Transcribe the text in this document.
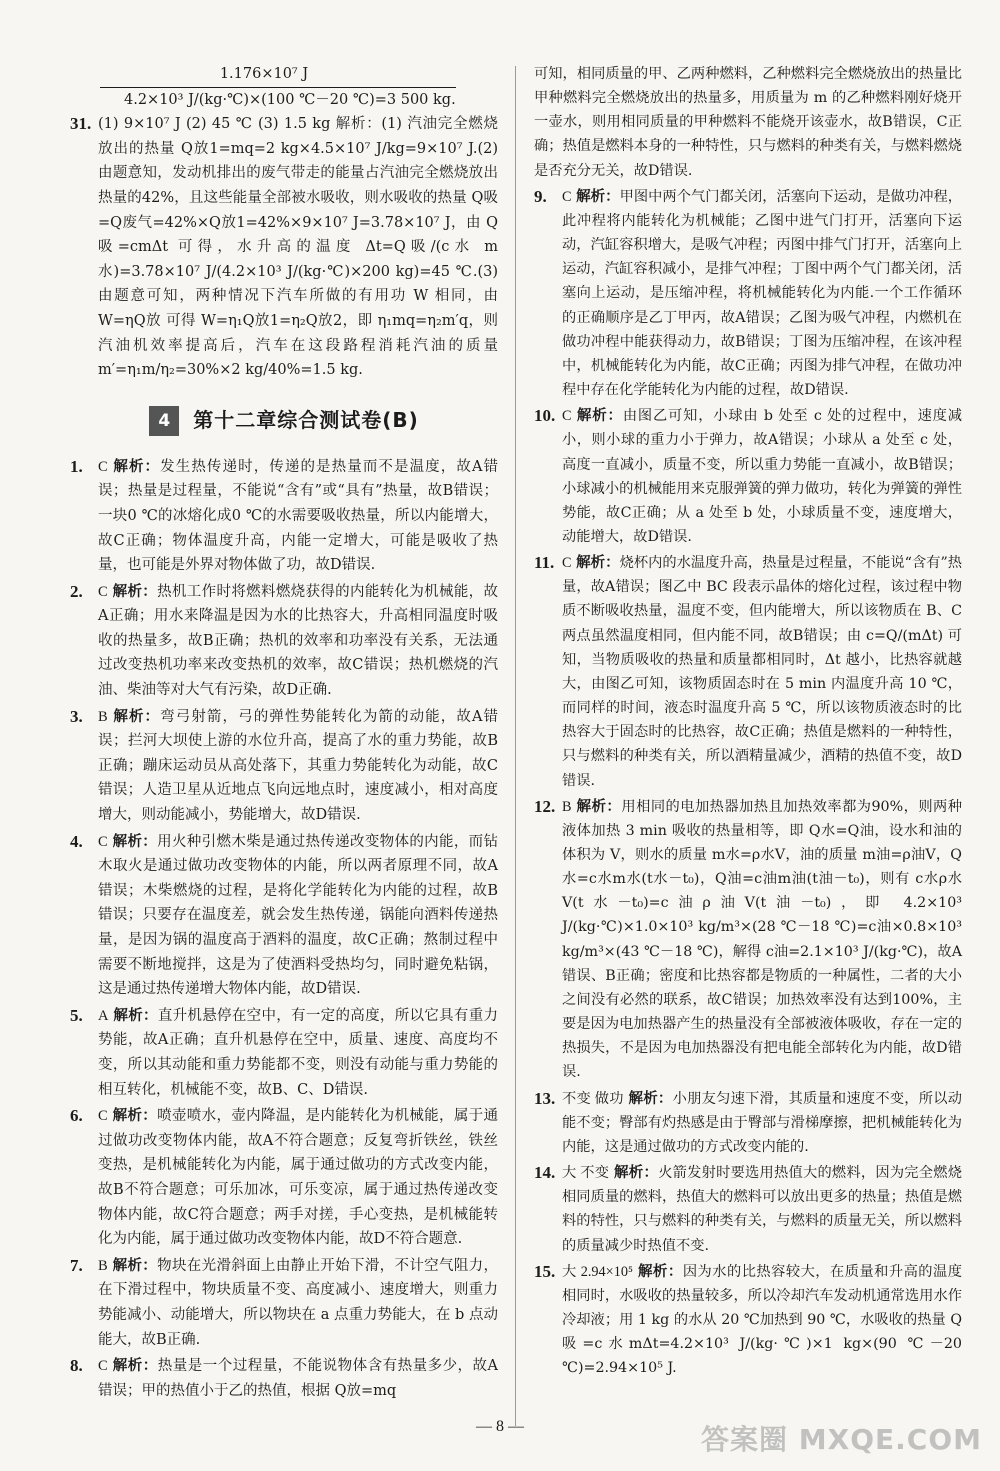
1.176×10⁷ J

4.2×10³ J/(kg·℃)×(100 ℃－20 ℃)=3 500 kg.

31. (1) 9×10⁷ J (2) 45 ℃ (3) 1.5 kg 解析：(1) 汽油完全燃烧放出的热量 Q放1=mq=2 kg×4.5×10⁷ J/kg=9×10⁷ J.(2) 由题意知，发动机排出的废气带走的能量占汽油完全燃烧放出热量的42%，且这些能量全部被水吸收，则水吸收的热量 Q吸=Q废气=42%×Q放1=42%×9×10⁷ J=3.78×10⁷ J，由 Q吸=cmΔt 可得，水升高的温度 Δt=Q吸/(c水 m水)=3.78×10⁷ J/(4.2×10³ J/(kg·℃)×200 kg)=45 ℃.(3) 由题意可知，两种情况下汽车所做的有用功 W 相同，由 W=ηQ放 可得 W=η₁Q放1=η₂Q放2，即 η₁mq=η₂m′q，则汽油机效率提高后，汽车在这段路程消耗汽油的质量 m′=η₁m/η₂=30%×2 kg/40%=1.5 kg.
4	第十二章综合测试卷(B)
1. C 解析：发生热传递时，传递的是热量而不是温度，故A错误；热量是过程量，不能说“含有”或“具有”热量，故B错误；一块0 ℃的冰熔化成0 ℃的水需要吸收热量，所以内能增大，故C正确；物体温度升高，内能一定增大，可能是吸收了热量，也可能是外界对物体做了功，故D错误.
2. C 解析：热机工作时将燃料燃烧获得的内能转化为机械能，故A正确；用水来降温是因为水的比热容大，升高相同温度时吸收的热量多，故B正确；热机的效率和功率没有关系，无法通过改变热机功率来改变热机的效率，故C错误；热机燃烧的汽油、柴油等对大气有污染，故D正确.
3. B 解析：弯弓射箭，弓的弹性势能转化为箭的动能，故A错误；拦河大坝使上游的水位升高，提高了水的重力势能，故B正确；蹦床运动员从高处落下，其重力势能转化为动能，故C错误；人造卫星从近地点飞向远地点时，速度减小，相对高度增大，则动能减小，势能增大，故D错误.
4. C 解析：用火种引燃木柴是通过热传递改变物体的内能，而钻木取火是通过做功改变物体的内能，所以两者原理不同，故A错误；木柴燃烧的过程，是将化学能转化为内能的过程，故B错误；只要存在温度差，就会发生热传递，锅能向酒料传递热量，是因为锅的温度高于酒料的温度，故C正确；熬制过程中需要不断地搅拌，这是为了使酒料受热均匀，同时避免粘锅，这是通过热传递增大物体内能，故D错误.
5. A 解析：直升机悬停在空中，有一定的高度，所以它具有重力势能，故A正确；直升机悬停在空中，质量、速度、高度均不变，所以其动能和重力势能都不变，则没有动能与重力势能的相互转化，机械能不变，故B、C、D错误.
6. C 解析：喷壶喷水，壶内降温，是内能转化为机械能，属于通过做功改变物体内能，故A不符合题意；反复弯折铁丝，铁丝变热，是机械能转化为内能，属于通过做功的方式改变内能，故B不符合题意；可乐加冰，可乐变凉，属于通过热传递改变物体内能，故C符合题意；两手对搓，手心变热，是机械能转化为内能，属于通过做功改变物体内能，故D不符合题意.
7. B 解析：物块在光滑斜面上由静止开始下滑，不计空气阻力，在下滑过程中，物块质量不变、高度减小、速度增大，则重力势能减小、动能增大，所以物块在 a 点重力势能大，在 b 点动能大，故B正确.
8. C 解析：热量是一个过程量，不能说物体含有热量多少，故A错误；甲的热值小于乙的热值，根据 Q放=mq

可知，相同质量的甲、乙两种燃料，乙种燃料完全燃烧放出的热量比甲种燃料完全燃烧放出的热量多，用质量为 m 的乙种燃料刚好烧开一壶水，则用相同质量的甲种燃料不能烧开该壶水，故B错误，C正确；热值是燃料本身的一种特性，只与燃料的种类有关，与燃料燃烧是否充分无关，故D错误.

9. C 解析：甲图中两个气门都关闭，活塞向下运动，是做功冲程，此冲程将内能转化为机械能；乙图中进气门打开，活塞向下运动，汽缸容积增大，是吸气冲程；丙图中排气门打开，活塞向上运动，汽缸容积减小，是排气冲程；丁图中两个气门都关闭，活塞向上运动，是压缩冲程，将机械能转化为内能.一个工作循环的正确顺序是乙丁甲丙，故A错误；乙图为吸气冲程，内燃机在做功冲程中能获得动力，故B错误；丁图为压缩冲程，在该冲程中，机械能转化为内能，故C正确；丙图为排气冲程，在做功冲程中存在化学能转化为内能的过程，故D错误.
10. C 解析：由图乙可知，小球由 b 处至 c 处的过程中，速度减小，则小球的重力小于弹力，故A错误；小球从 a 处至 c 处，高度一直减小，质量不变，所以重力势能一直减小，故B错误；小球减小的机械能用来克服弹簧的弹力做功，转化为弹簧的弹性势能，故C正确；从 a 处至 b 处，小球质量不变，速度增大，动能增大，故D错误.
11. C 解析：烧杯内的水温度升高，热量是过程量，不能说“含有”热量，故A错误；图乙中 BC 段表示晶体的熔化过程，该过程中物质不断吸收热量，温度不变，但内能增大，所以该物质在 B、C 两点虽然温度相同，但内能不同，故B错误；由 c=Q/(mΔt) 可知，当物质吸收的热量和质量都相同时，Δt 越小，比热容就越大，由图乙可知，该物质固态时在 5 min 内温度升高 10 ℃，而同样的时间，液态时温度升高 5 ℃，所以该物质液态时的比热容大于固态时的比热容，故C正确；热值是燃料的一种特性，只与燃料的种类有关，所以酒精量减少，酒精的热值不变，故D错误.
12. B 解析：用相同的电加热器加热且加热效率都为90%，则两种液体加热 3 min 吸收的热量相等，即 Q水=Q油，设水和油的体积为 V，则水的质量 m水=ρ水V，油的质量 m油=ρ油V，Q水=c水m水(t水－t₀)，Q油=c油m油(t油－t₀)，则有 c水ρ水V(t水－t₀)=c油ρ油V(t油－t₀)，即 4.2×10³ J/(kg·℃)×1.0×10³ kg/m³×(28 ℃－18 ℃)=c油×0.8×10³ kg/m³×(43 ℃－18 ℃)，解得 c油=2.1×10³ J/(kg·℃)，故A错误、B正确；密度和比热容都是物质的一种属性，二者的大小之间没有必然的联系，故C错误；加热效率没有达到100%，主要是因为电加热器产生的热量没有全部被液体吸收，存在一定的热损失，不是因为电加热器没有把电能全部转化为内能，故D错误.
13. 不变 做功 解析：小朋友匀速下滑，其质量和速度不变，所以动能不变；臀部有灼热感是由于臀部与滑梯摩擦，把机械能转化为内能，这是通过做功的方式改变内能的.
14. 大 不变 解析：火箭发射时要选用热值大的燃料，因为完全燃烧相同质量的燃料，热值大的燃料可以放出更多的热量；热值是燃料的特性，只与燃料的种类有关，与燃料的质量无关，所以燃料的质量减少时热值不变.
15. 大 2.94×10⁵ 解析：因为水的比热容较大，在质量和升高的温度相同时，水吸收的热量较多，所以冷却汽车发动机通常选用水作冷却液；用 1 kg 的水从 20 ℃加热到 90 ℃，水吸收的热量 Q吸=c水mΔt=4.2×10³ J/(kg·℃)×1 kg×(90 ℃－20 ℃)=2.94×10⁵ J.
— 8 —	答案圈 MXQE.COM
